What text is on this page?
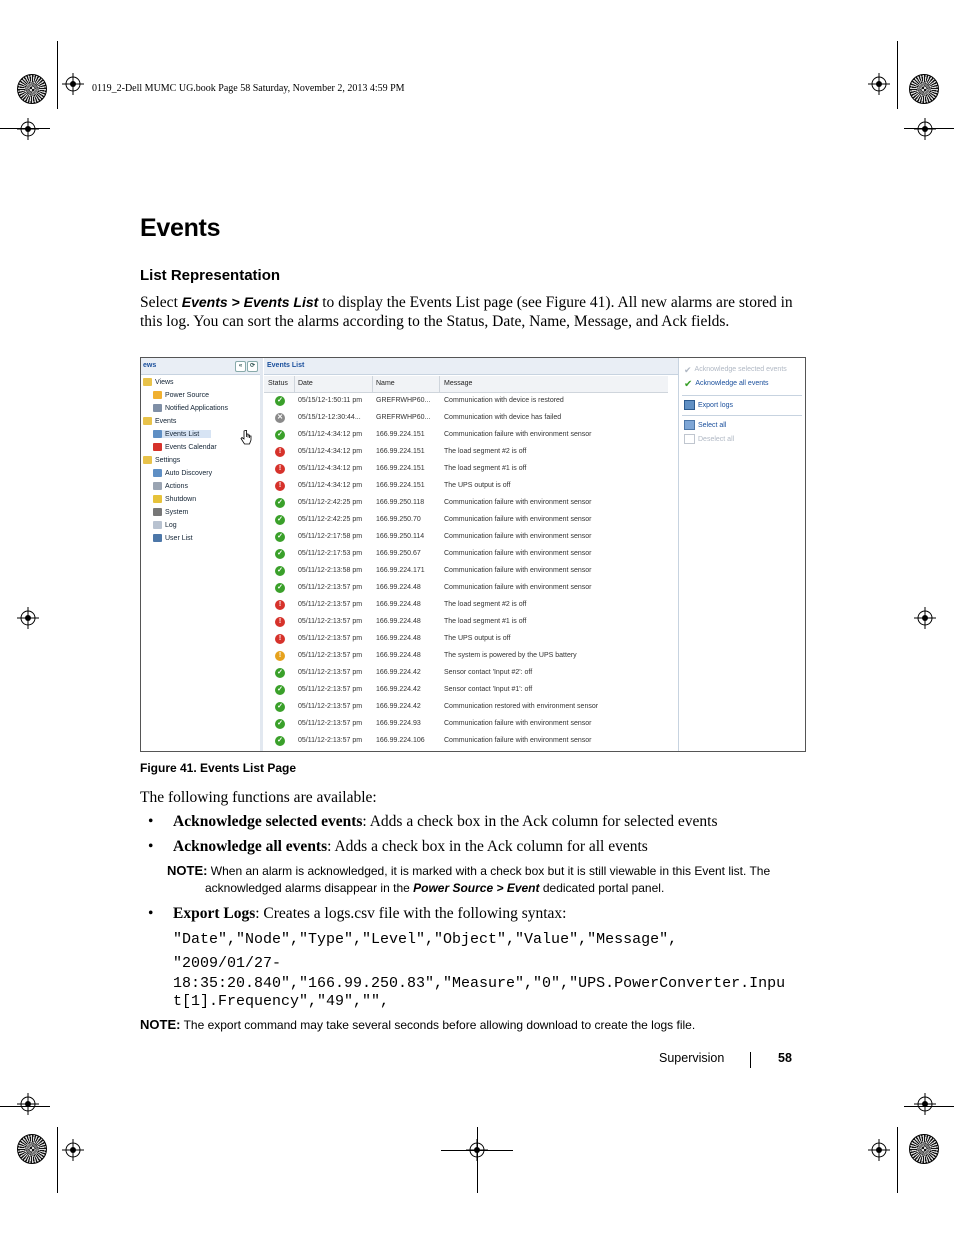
0119_2-Dell MUMC UG.book Page 58 Saturday, November 2, 2013 4:59 PM
Events
List Representation
Select Events > Events List to display the Events List page (see Figure 41). All new alarms are stored in
this log. You can sort the alarms according to the Status, Date, Name, Message, and Ack fields.
ews	«	⟳
Views
Power Source
Notified Applications
Events
Events List
Events Calendar
Settings
Auto Discovery
Actions
Shutdown
System
Log
User List
Events List
Status Date	Name	Message
✓ 05/15/12-1:50:11 pm GREFRWHP60... Communication with device is restored
✕ 05/15/12-12:30:44... GREFRWHP60... Communication with device has failed
✓ 05/11/12-4:34:12 pm 166.99.224.151	Communication failure with environment sensor
!	05/11/12-4:34:12 pm 166.99.224.151	The load segment #2 is off
!	05/11/12-4:34:12 pm 166.99.224.151	The load segment #1 is off
!	05/11/12-4:34:12 pm 166.99.224.151	The UPS output is off
✓ 05/11/12-2:42:25 pm 166.99.250.118	Communication failure with environment sensor
✓ 05/11/12-2:42:25 pm 166.99.250.70	Communication failure with environment sensor
✓ 05/11/12-2:17:58 pm 166.99.250.114	Communication failure with environment sensor
✓ 05/11/12-2:17:53 pm 166.99.250.67	Communication failure with environment sensor
✓ 05/11/12-2:13:58 pm 166.99.224.171	Communication failure with environment sensor
✓ 05/11/12-2:13:57 pm 166.99.224.48	Communication failure with environment sensor
!	05/11/12-2:13:57 pm 166.99.224.48	The load segment #2 is off
!	05/11/12-2:13:57 pm 166.99.224.48	The load segment #1 is off
!	05/11/12-2:13:57 pm 166.99.224.48	The UPS output is off
!	05/11/12-2:13:57 pm 166.99.224.48	The system is powered by the UPS battery
✓ 05/11/12-2:13:57 pm 166.99.224.42	Sensor contact 'Input #2': off
✓ 05/11/12-2:13:57 pm 166.99.224.42	Sensor contact 'Input #1': off
✓ 05/11/12-2:13:57 pm 166.99.224.42	Communication restored with environment sensor
✓ 05/11/12-2:13:57 pm 166.99.224.93	Communication failure with environment sensor
✓ 05/11/12-2:13:57 pm 166.99.224.106	Communication failure with environment sensor
✔ Acknowledge selected events
✔ Acknowledge all events
Export logs
Select all
Deselect all
Figure 41. Events List Page
The following functions are available:
• Acknowledge selected events: Adds a check box in the Ack column for selected events
• Acknowledge all events: Adds a check box in the Ack column for all events
NOTE: When an alarm is acknowledged, it is marked with a check box but it is still viewable in this Event list. The
acknowledged alarms disappear in the Power Source > Event dedicated portal panel.
• Export Logs: Creates a logs.csv file with the following syntax:
"Date","Node","Type","Level","Object","Value","Message",
"2009/01/27-
18:35:20.840","166.99.250.83","Measure","0","UPS.PowerConverter.Inpu
t[1].Frequency","49","",
NOTE: The export command may take several seconds before allowing download to create the logs file.
Supervision	58
